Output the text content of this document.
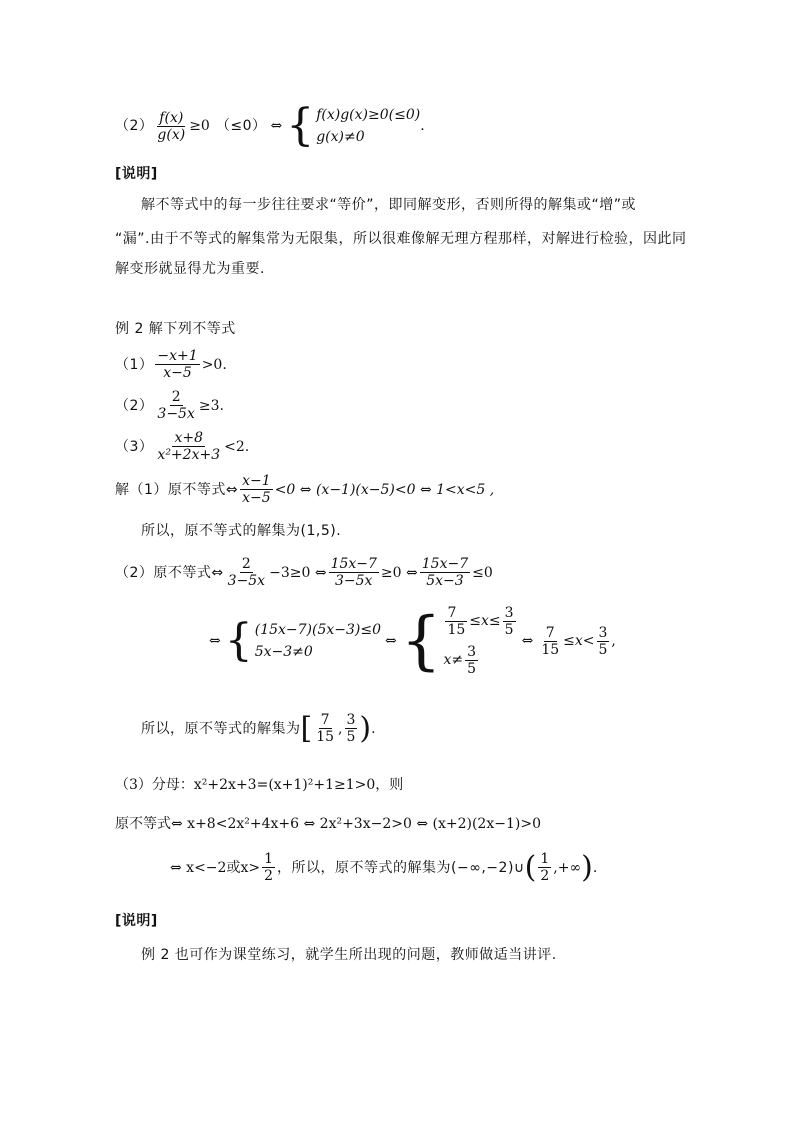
$(2) \frac{f(x)}{g(x)} \ge 0$ （≤0） ⇔ { f(x)g(x)≥0(≤0)
g(x)≠0
.
[说明]
解不等式中的每一步往往要求“等价”，即同解变形，否则所得的解集或“增”或
“漏”.由于不等式的解集常为无限集，所以很难像解无理方程那样，对解进行检验，因此同
解变形就显得尤为重要.
例 2 解下列不等式
$(1) \frac{-x+1}{x-5} >0$.
$(2) \frac{2}{3-5x} \ge 3$.
$(3) \frac{x+8}{\text{x²+2x+3}} <2$.
解（1）原不等式⇔ $\frac{x-1}{x-5} <0$ ⇔ (x−1)(x−5)<0 ⇔ 1<x<5 ,
所以，原不等式的解集为(1,5).
（2）原不等式⇔ $\frac{2}{3-5x} -3\ge 0$ ⇔ $\frac{15x-7}{3-5x} \ge 0$ ⇔ $\frac{15x-7}{5x-3} \le 0$
⇔ { (15x−7)(5x−3)≤0
5x−3≠0
⇔ { $\frac{7}{15} \le x\le \frac{3}{5}$
$x\ne \frac{3}{5}$
⇔ $\frac{7}{15} \le x< \frac{3}{5}$ ,
所以，原不等式的解集为 [ $\frac{7}{15}$ , $\frac{3}{5}$ ) .
（3）分母：x²+2x+3=(x+1)²+1≥1>0，则
原不等式⇔ x+8<2x²+4x+6 ⇔ 2x²+3x−2>0 ⇔ (x+2)(2x−1)>0
⇔ x<−2或$x> \frac{1}{2}$ ，所以，原不等式的解集为(−∞,−2)∪ ( $\frac{1}{2}$ ,+∞ ) .
[说明]
例 2 也可作为课堂练习，就学生所出现的问题，教师做适当讲评.
